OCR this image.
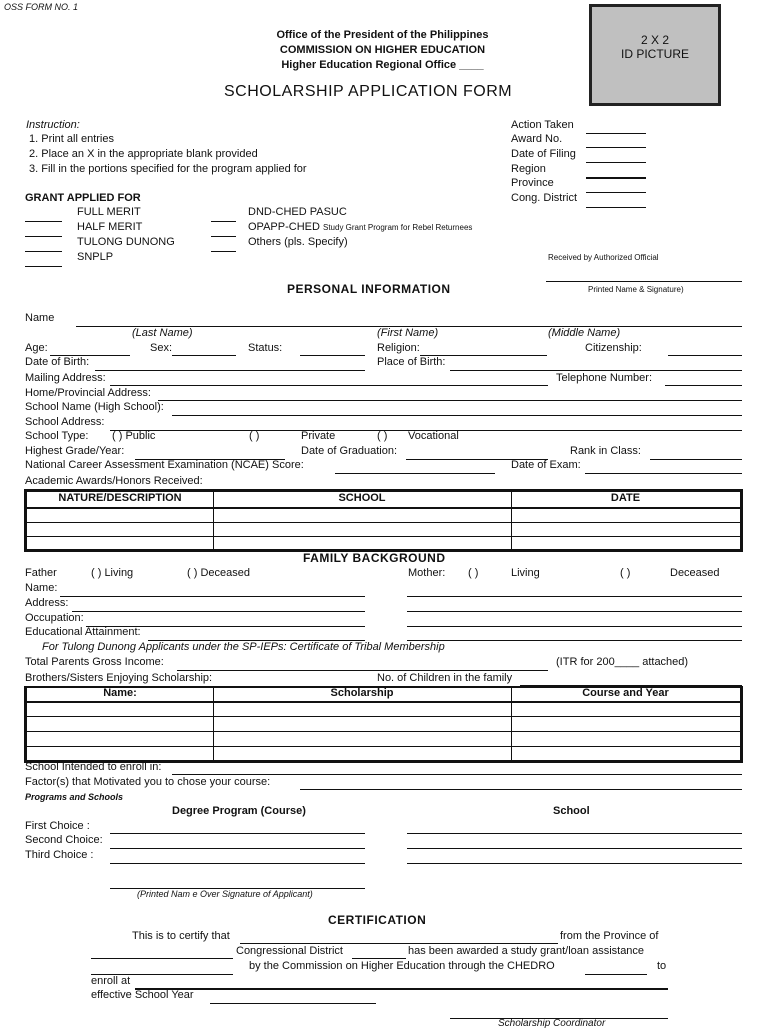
OSS FORM NO. 1
2 X 2
ID PICTURE
Office of the President of the Philippines
COMMISSION ON HIGHER EDUCATION
Higher Education Regional Office ____
SCHOLARSHIP APPLICATION FORM
Instruction:
1. Print all entries
2. Place an X in the appropriate blank provided
3. Fill in the portions specified for the program applied for
Action Taken
Award No.
Date of Filing
Region
Province
Cong. District
GRANT APPLIED FOR
FULL MERIT
HALF MERIT
TULONG DUNONG
SNPLP
DND-CHED PASUC
OPAPP-CHED Study Grant Program for Rebel Returnees
Others (pls. Specify)
Received by Authorized Official
Printed Name & Signature)
PERSONAL INFORMATION
Name
(Last Name)	(First Name)	(Middle Name)
Age:	Sex:	Status:	Religion:	Citizenship:
Date of Birth:	Place of Birth:
Mailing Address:	Telephone Number:
Home/Provincial Address:
School Name (High School):
School Address:
School Type: ( ) Public	( )	Private	( ) Vocational
Highest Grade/Year:	Date of Graduation:	Rank in Class:
National Career Assessment Examination (NCAE) Score:	Date of Exam:
Academic Awards/Honors Received:
NATURE/DESCRIPTION	SCHOOL	DATE
FAMILY BACKGROUND
Father	( ) Living	( ) Deceased	Mother: ( )	Living	( )	Deceased
Name:
Address:
Occupation:
Educational Attainment:
For Tulong Dunong Applicants under the SP-IEPs: Certificate of Tribal Membership
Total Parents Gross Income:	(ITR for 200____ attached)
Brothers/Sisters Enjoying Scholarship:	No. of Children in the family
Name:	Scholarship	Course and Year
School Intended to enroll in:
Factor(s) that Motivated you to chose your course:
Programs and Schools
Degree Program (Course)	School
First Choice :
Second Choice:
Third Choice :
(Printed Nam e Over Signature of Applicant)
CERTIFICATION
This is to certify that	from the Province of
Congressional District	has been awarded a study grant/loan assistance
by the Commission on Higher Education through the CHEDRO	to
enroll at
effective School Year
Scholarship Coordinator
